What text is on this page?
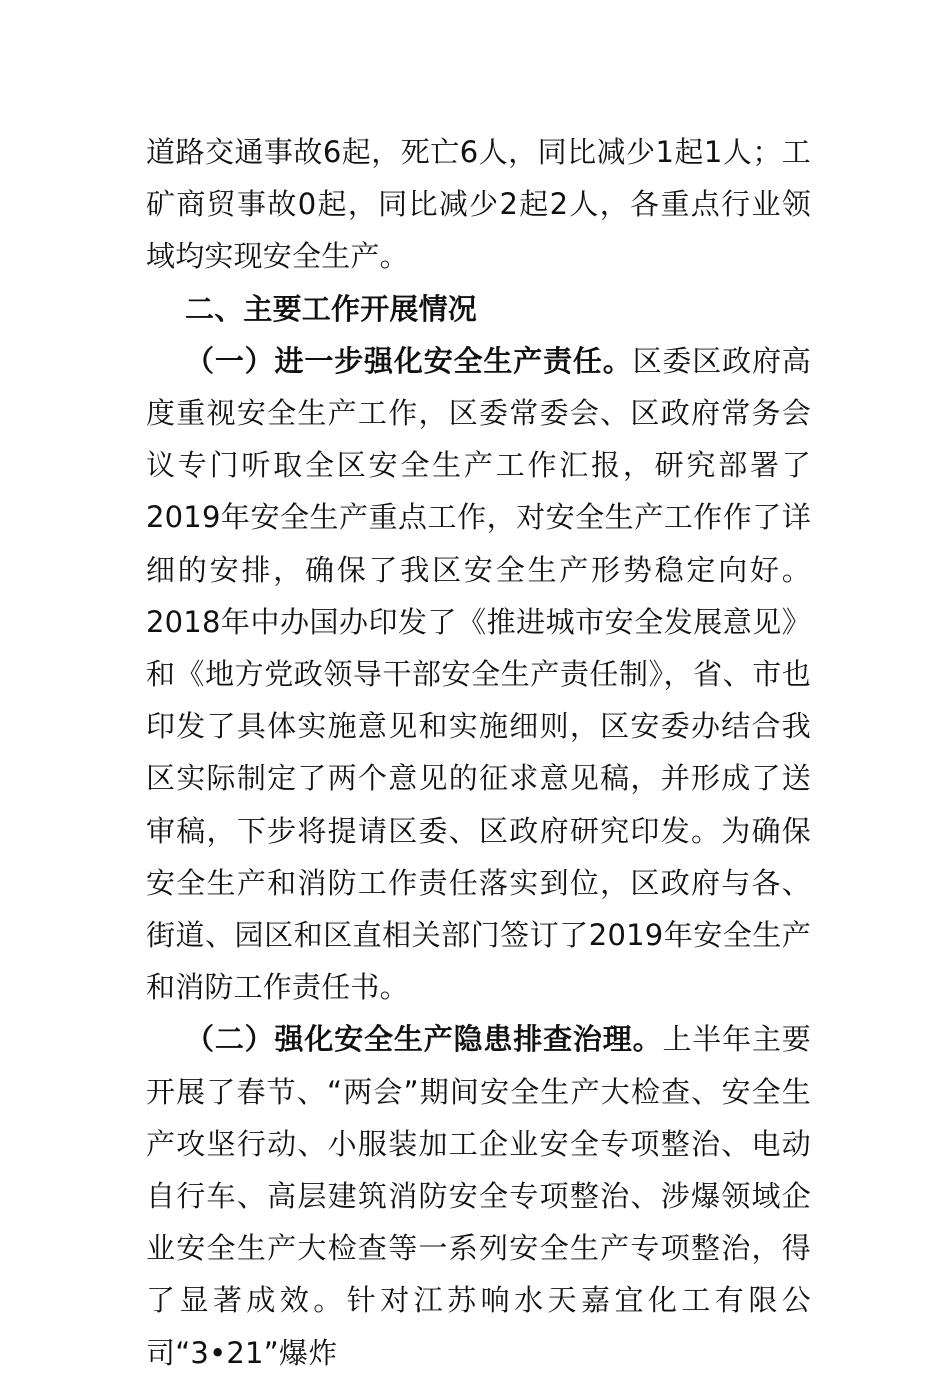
道路交通事故6起，死亡6人，同比减少1起1人；工矿商贸事故0起，同比减少2起2人，各重点行业领域均实现安全生产。

二、主要工作开展情况

（一）进一步强化安全生产责任。区委区政府高度重视安全生产工作，区委常委会、区政府常务会议专门听取全区安全生产工作汇报，研究部署了2019年安全生产重点工作，对安全生产工作作了详细的安排，确保了我区安全生产形势稳定向好。2018年中办国办印发了《推进城市安全发展意见》和《地方党政领导干部安全生产责任制》，省、市也印发了具体实施意见和实施细则，区安委办结合我区实际制定了两个意见的征求意见稿，并形成了送审稿，下步将提请区委、区政府研究印发。为确保安全生产和消防工作责任落实到位，区政府与各、街道、园区和区直相关部门签订了2019年安全生产和消防工作责任书。

（二）强化安全生产隐患排查治理。上半年主要开展了春节、“两会”期间安全生产大检查、安全生产攻坚行动、小服装加工企业安全专项整治、电动自行车、高层建筑消防安全专项整治、涉爆领域企业安全生产大检查等一系列安全生产专项整治，得了显著成效。针对江苏响水天嘉宜化工有限公司“3•21”爆炸
